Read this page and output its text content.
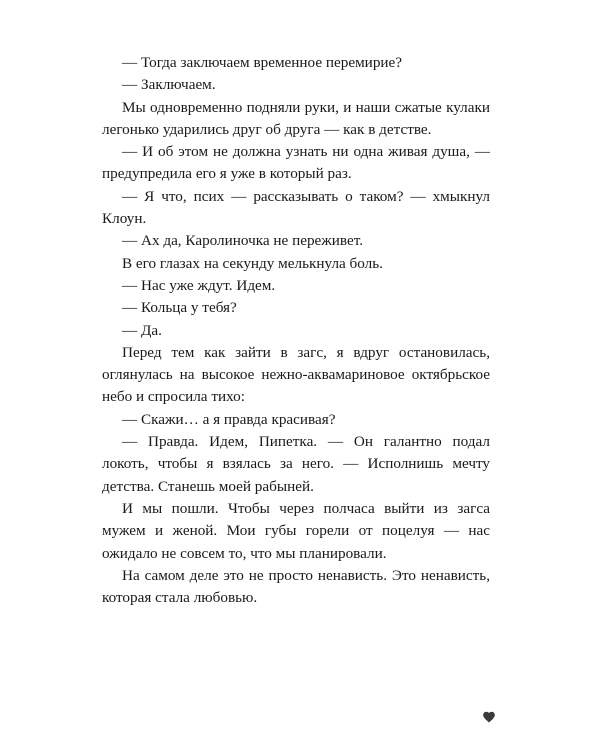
— Тогда заключаем временное перемирие?

— Заключаем.

Мы одновременно подняли руки, и наши сжатые кулаки легонько ударились друг об друга — как в детстве.

— И об этом не должна узнать ни одна живая душа, — предупредила его я уже в который раз.

— Я что, псих — рассказывать о таком? — хмыкнул Клоун.

— Ах да, Каролиночка не переживет.

В его глазах на секунду мелькнула боль.

— Нас уже ждут. Идем.

— Кольца у тебя?

— Да.

Перед тем как зайти в загс, я вдруг остановилась, оглянулась на высокое нежно-аквамариновое октябрьское небо и спросила тихо:

— Скажи… а я правда красивая?

— Правда. Идем, Пипетка. — Он галантно подал локоть, чтобы я взялась за него. — Исполнишь мечту детства. Станешь моей рабыней.

И мы пошли. Чтобы через полчаса выйти из загса мужем и женой. Мои губы горели от поцелуя — нас ожидало не совсем то, что мы планировали.

На самом деле это не просто ненависть. Это ненависть, которая стала любовью.
